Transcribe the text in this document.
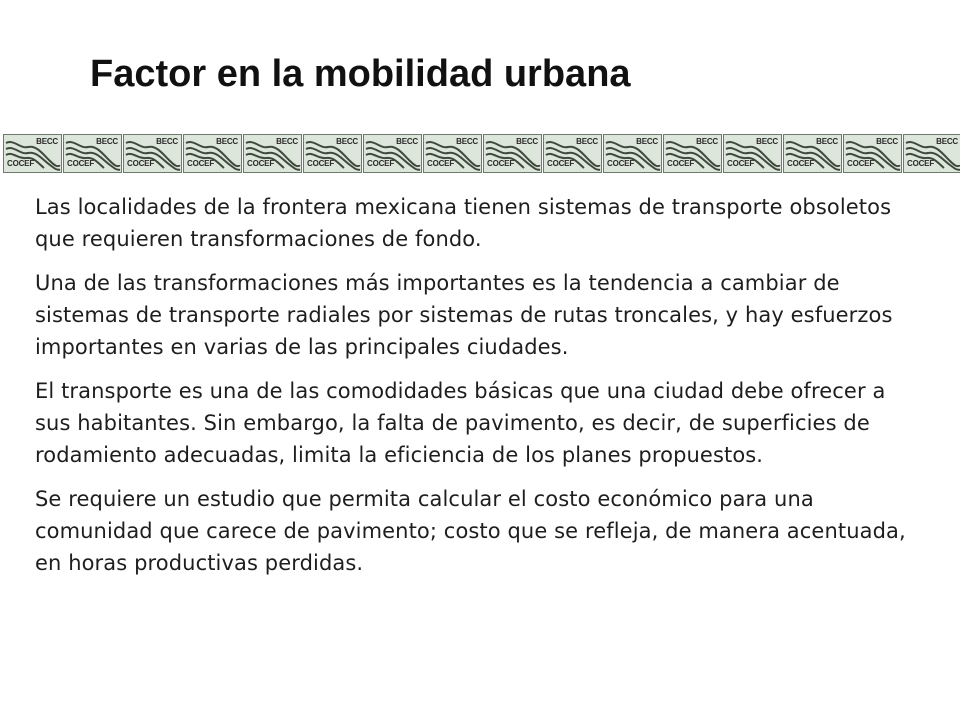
Factor en la mobilidad urbana
BECC
COCEF
BECC
COCEF
BECC
COCEF
BECC
COCEF
BECC
COCEF
BECC
COCEF
BECC
COCEF
BECC
COCEF
BECC
COCEF
BECC
COCEF
BECC
COCEF
BECC
COCEF
BECC
COCEF
BECC
COCEF
BECC
COCEF
BECC
COCEF

Las localidades de la frontera mexicana tienen sistemas de transporte obsoletos que requieren transformaciones de fondo.

Una de las transformaciones más importantes es la tendencia a cambiar de sistemas de transporte radiales por sistemas de rutas troncales, y hay esfuerzos importantes en varias de las principales ciudades.

El transporte es una de las comodidades básicas que una ciudad debe ofrecer a sus habitantes. Sin embargo, la falta de pavimento, es decir, de superficies de rodamiento adecuadas, limita la eficiencia de los planes propuestos.

Se requiere un estudio que permita calcular el costo económico para una comunidad que carece de pavimento; costo que se refleja, de manera acentuada, en horas productivas perdidas.
